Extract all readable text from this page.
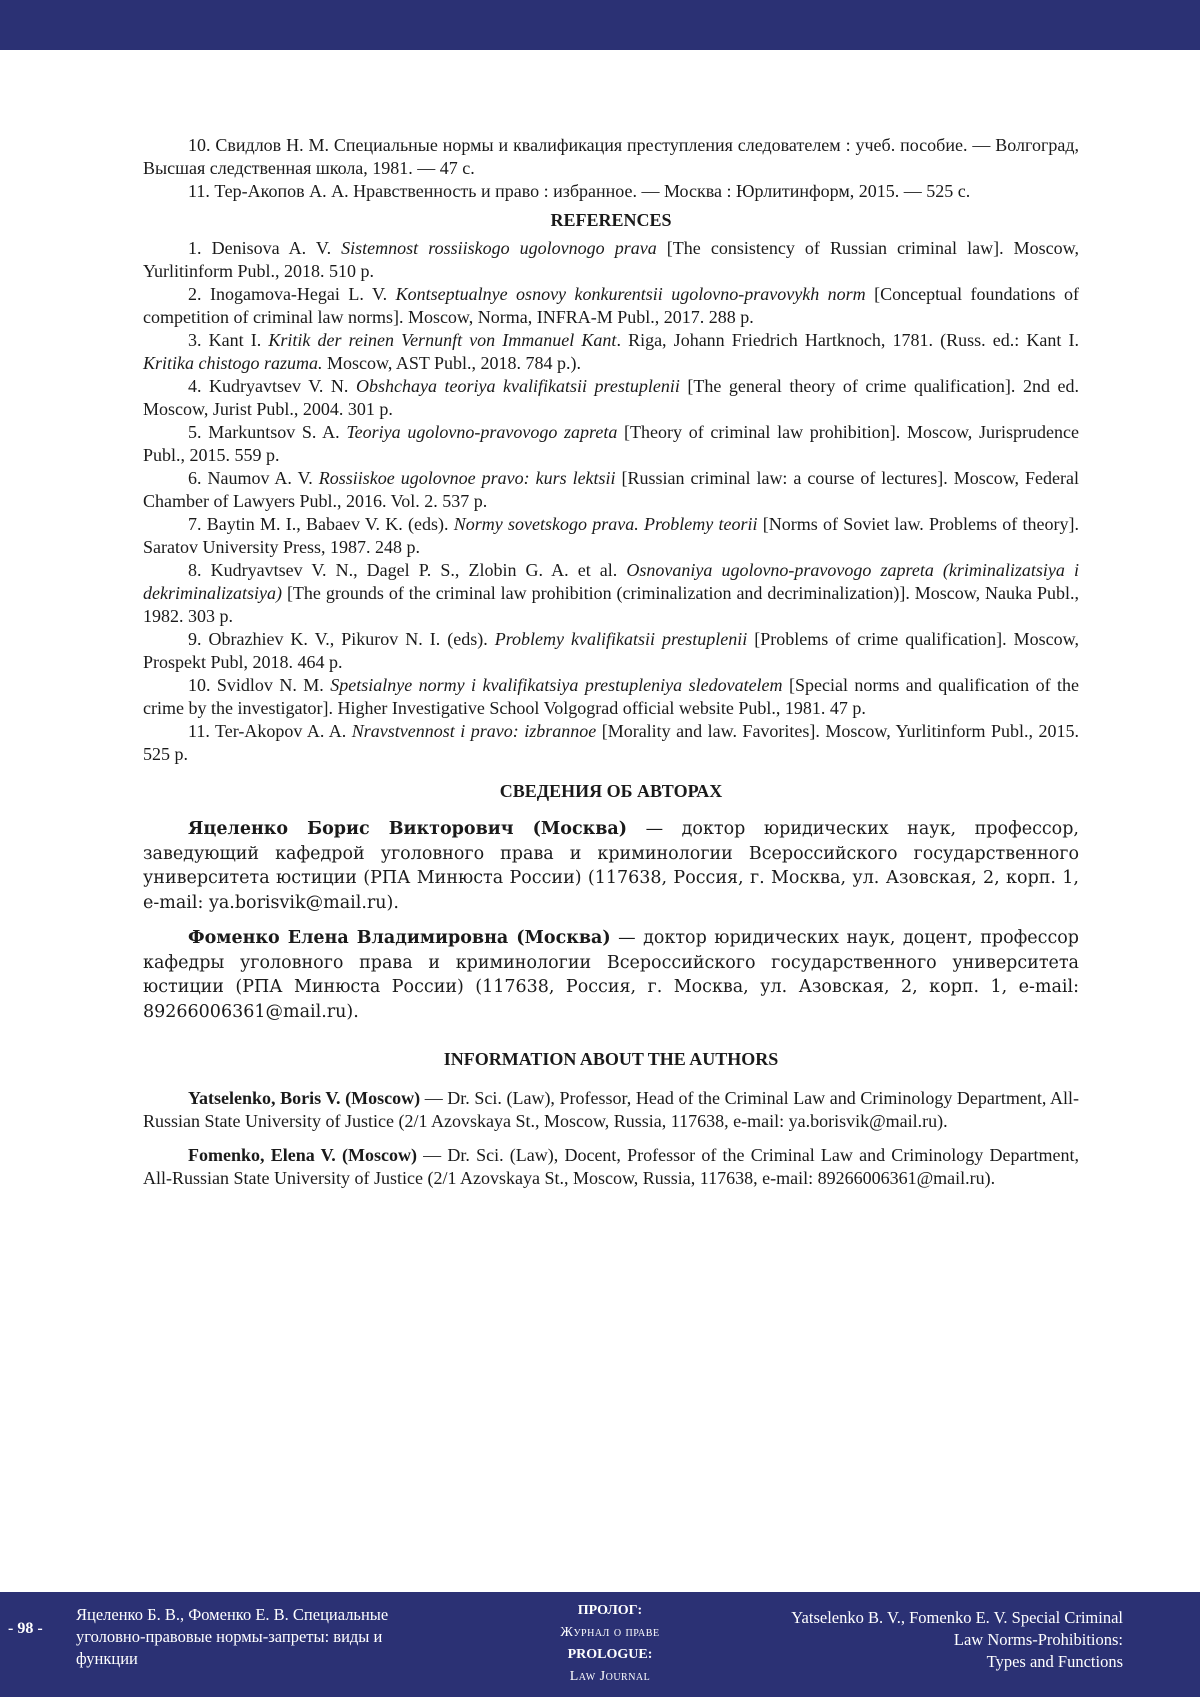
10. Свидлов Н. М. Специальные нормы и квалификация преступления следователем : учеб. пособие. — Волгоград, Высшая следственная школа, 1981. — 47 с.

11. Тер-Акопов А. А. Нравственность и право : избранное. — Москва : Юрлитинформ, 2015. — 525 с.

REFERENCES

1. Denisova A. V. Sistemnost rossiiskogo ugolovnogo prava [The consistency of Russian criminal law]. Moscow, Yurlitinform Publ., 2018. 510 p.

2. Inogamova-Hegai L. V. Kontseptualnye osnovy konkurentsii ugolovno-pravovykh norm [Conceptual foundations of competition of criminal law norms]. Moscow, Norma, INFRA-M Publ., 2017. 288 p.

3. Kant I. Kritik der reinen Vernunft von Immanuel Kant. Riga, Johann Friedrich Hartknoch, 1781. (Russ. ed.: Kant I. Kritika chistogo razuma. Moscow, AST Publ., 2018. 784 p.).

4. Kudryavtsev V. N. Obshchaya teoriya kvalifikatsii prestuplenii [The general theory of crime qualification]. 2nd ed. Moscow, Jurist Publ., 2004. 301 p.

5. Markuntsov S. A. Teoriya ugolovno-pravovogo zapreta [Theory of criminal law prohibition]. Moscow, Jurisprudence Publ., 2015. 559 p.

6. Naumov A. V. Rossiiskoe ugolovnoe pravo: kurs lektsii [Russian criminal law: a course of lectures]. Moscow, Federal Chamber of Lawyers Publ., 2016. Vol. 2. 537 p.

7. Baytin M. I., Babaev V. K. (eds). Normy sovetskogo prava. Problemy teorii [Norms of Soviet law. Problems of theory]. Saratov University Press, 1987. 248 p.

8. Kudryavtsev V. N., Dagel P. S., Zlobin G. A. et al. Osnovaniya ugolovno-pravovogo zapreta (kriminalizatsiya i dekriminalizatsiya) [The grounds of the criminal law prohibition (criminalization and decriminalization)]. Moscow, Nauka Publ., 1982. 303 p.

9. Obrazhiev K. V., Pikurov N. I. (eds). Problemy kvalifikatsii prestuplenii [Problems of crime qualification]. Moscow, Prospekt Publ, 2018. 464 p.

10. Svidlov N. M. Spetsialnye normy i kvalifikatsiya prestupleniya sledovatelem [Special norms and qualification of the crime by the investigator]. Higher Investigative School Volgograd official website Publ., 1981. 47 p.

11. Ter-Akopov A. A. Nravstvennost i pravo: izbrannoe [Morality and law. Favorites]. Moscow, Yurlitinform Publ., 2015. 525 p.

СВЕДЕНИЯ ОБ АВТОРАХ

Яцеленко Борис Викторович (Москва) — доктор юридических наук, профессор, заведующий кафедрой уголовного права и криминологии Всероссийского государственного университета юстиции (РПА Минюста России) (117638, Россия, г. Москва, ул. Азовская, 2, корп. 1, e-mail: ya.borisvik@mail.ru).

Фоменко Елена Владимировна (Москва) — доктор юридических наук, доцент, профессор кафедры уголовного права и криминологии Всероссийского государственного университета юстиции (РПА Минюста России) (117638, Россия, г. Москва, ул. Азовская, 2, корп. 1, e-mail: 89266006361@mail.ru).

INFORMATION ABOUT THE AUTHORS

Yatselenko, Boris V. (Moscow) — Dr. Sci. (Law), Professor, Head of the Criminal Law and Criminology Department, All-Russian State University of Justice (2/1 Azovskaya St., Moscow, Russia, 117638, e-mail: ya.borisvik@mail.ru).

Fomenko, Elena V. (Moscow) — Dr. Sci. (Law), Docent, Professor of the Criminal Law and Criminology Department, All-Russian State University of Justice (2/1 Azovskaya St., Moscow, Russia, 117638, e-mail: 89266006361@mail.ru).

- 98 -
Яцеленко Б. В., Фоменко Е. В. Специальные
уголовно-правовые нормы-запреты: виды и
функции
ПРОЛОГ:
Журнал о праве
PROLOGUE:
Law Journal
Yatselenko B. V., Fomenko E. V. Special Criminal
Law Norms-Prohibitions:
Types and Functions
